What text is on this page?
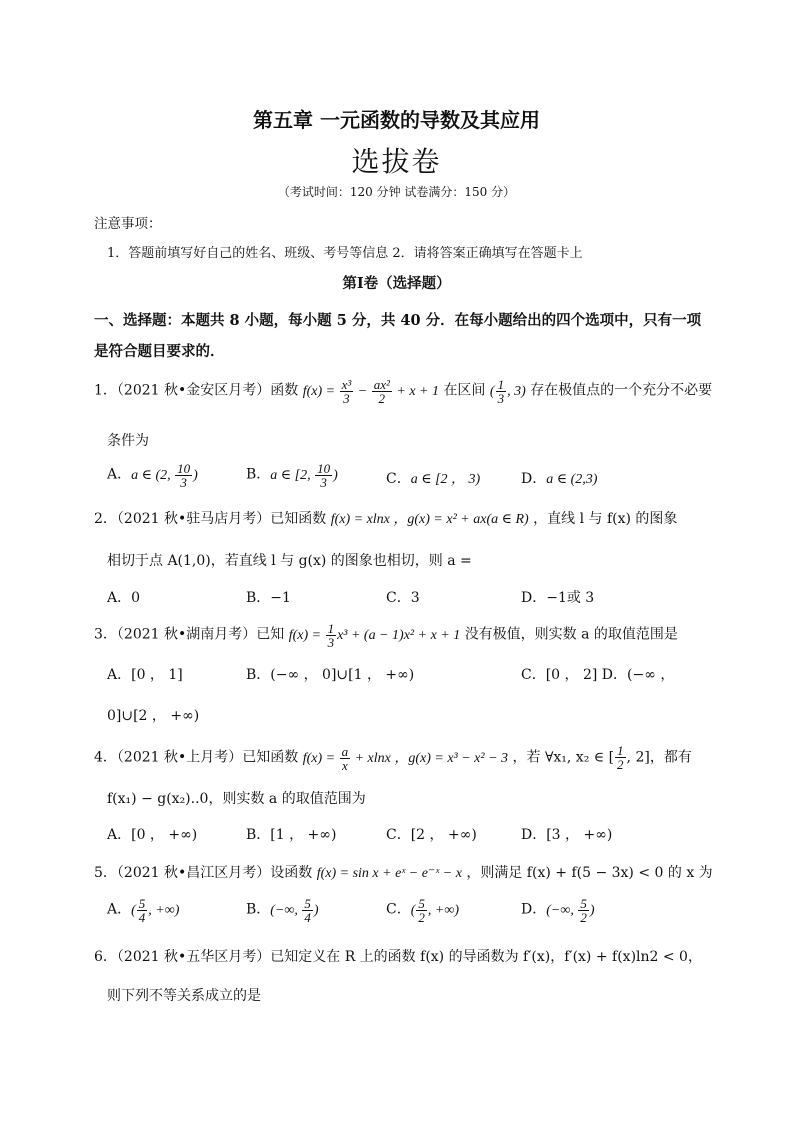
第五章 一元函数的导数及其应用
选拔卷
（考试时间：120 分钟 试卷满分：150 分）
注意事项：
1．答题前填写好自己的姓名、班级、考号等信息 2．请将答案正确填写在答题卡上
第Ⅰ卷（选择题）
一、选择题：本题共 8 小题，每小题 5 分，共 40 分．在每小题给出的四个选项中，只有一项是符合题目要求的．
1．（2021 秋•金安区月考）函数 $f(x) = \frac{\text{x³}}{3} - \frac{\text{ax²}}{2} + x + 1$ 在区间 ( $\frac{1}{3}$ , 3) 存在极值点的一个充分不必要
条件为
A．a ∈ (2, $\frac{10}{3}$ )	B．a ∈ [2, $\frac{10}{3}$ )	C．a ∈ [2 ， 3)	D．a ∈ (2,3)
2．（2021 秋•驻马店月考）已知函数 f(x) = xlnx ，g(x) = x² + ax(a ∈ R) ，直线 l 与 f(x) 的图象
相切于点 A(1,0)，若直线 l 与 g(x) 的图象也相切，则 a =
A．0	B．−1	C．3	D．−1或 3
3．（2021 秋•湖南月考）已知 $f(x) = \frac{1}{3} x^3 + (a - 1)x^2 + x + 1$ 没有极值，则实数 a 的取值范围是
A．[0 ， 1]	B．(−∞ ， 0]∪[1 ， +∞)	C．[0 ， 2] D．(−∞ ，
0]∪[2 ， +∞)
4．（2021 秋•上月考）已知函数 $f(x) = \frac{a}{x} + xlnx$ ，g(x) = x³ − x² − 3 ，若 ∀x₁, x₂ ∈ [ $\frac{1}{2}$ , 2]，都有
f(x₁) − g(x₂)..0，则实数 a 的取值范围为
A．[0 ， +∞)	B．[1 ， +∞)	C．[2 ， +∞)	D．[3 ， +∞)
5．（2021 秋•昌江区月考）设函数 f(x) = sin x + eˣ − e⁻ˣ − x ，则满足 f(x) + f(5 − 3x) < 0 的 x 为
A．( $\frac{5}{4}$ , +∞)	B．(−∞, $\frac{5}{4}$ )	C．( $\frac{5}{2}$ , +∞)	D．(−∞, $\frac{5}{2}$ )
6．（2021 秋•五华区月考）已知定义在 R 上的函数 f(x) 的导函数为 f′(x)，f′(x) + f(x)ln2 < 0，
则下列不等关系成立的是
